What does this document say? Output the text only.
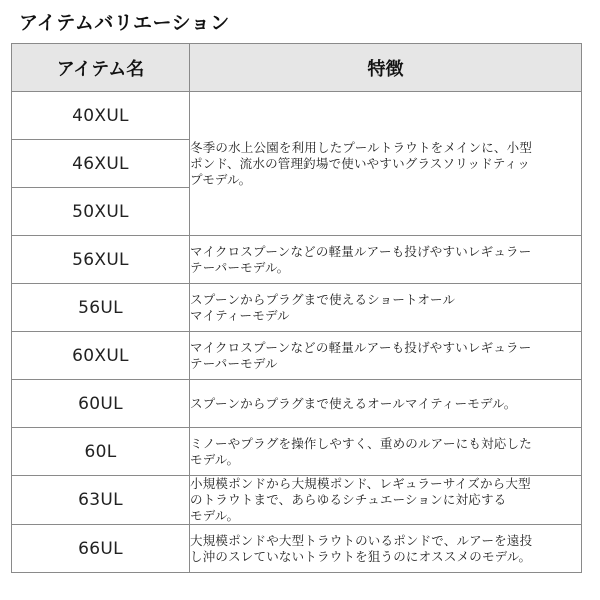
アイテムバリエーション
アイテム名	特徴
40XUL	冬季の水上公園を利用したプールトラウトをメインに、小型
ポンド、流水の管理釣場で使いやすいグラスソリッドティッ
プモデル。

46XUL	
50XUL	
56XUL	マイクロスプーンなどの軽量ルアーも投げやすいレギュラー
テーパーモデル。

56UL	スプーンからプラグまで使えるショートオール
マイティーモデル

60XUL	マイクロスプーンなどの軽量ルアーも投げやすいレギュラー
テーパーモデル

60UL	スプーンからプラグまで使えるオールマイティーモデル。

60L	ミノーやプラグを操作しやすく、重めのルアーにも対応した
モデル。

63UL	小規模ポンドから大規模ポンド、レギュラーサイズから大型
のトラウトまで、あらゆるシチュエーションに対応する
モデル。

66UL	大規模ポンドや大型トラウトのいるポンドで、ルアーを遠投
し沖のスレていないトラウトを狙うのにオススメのモデル。
